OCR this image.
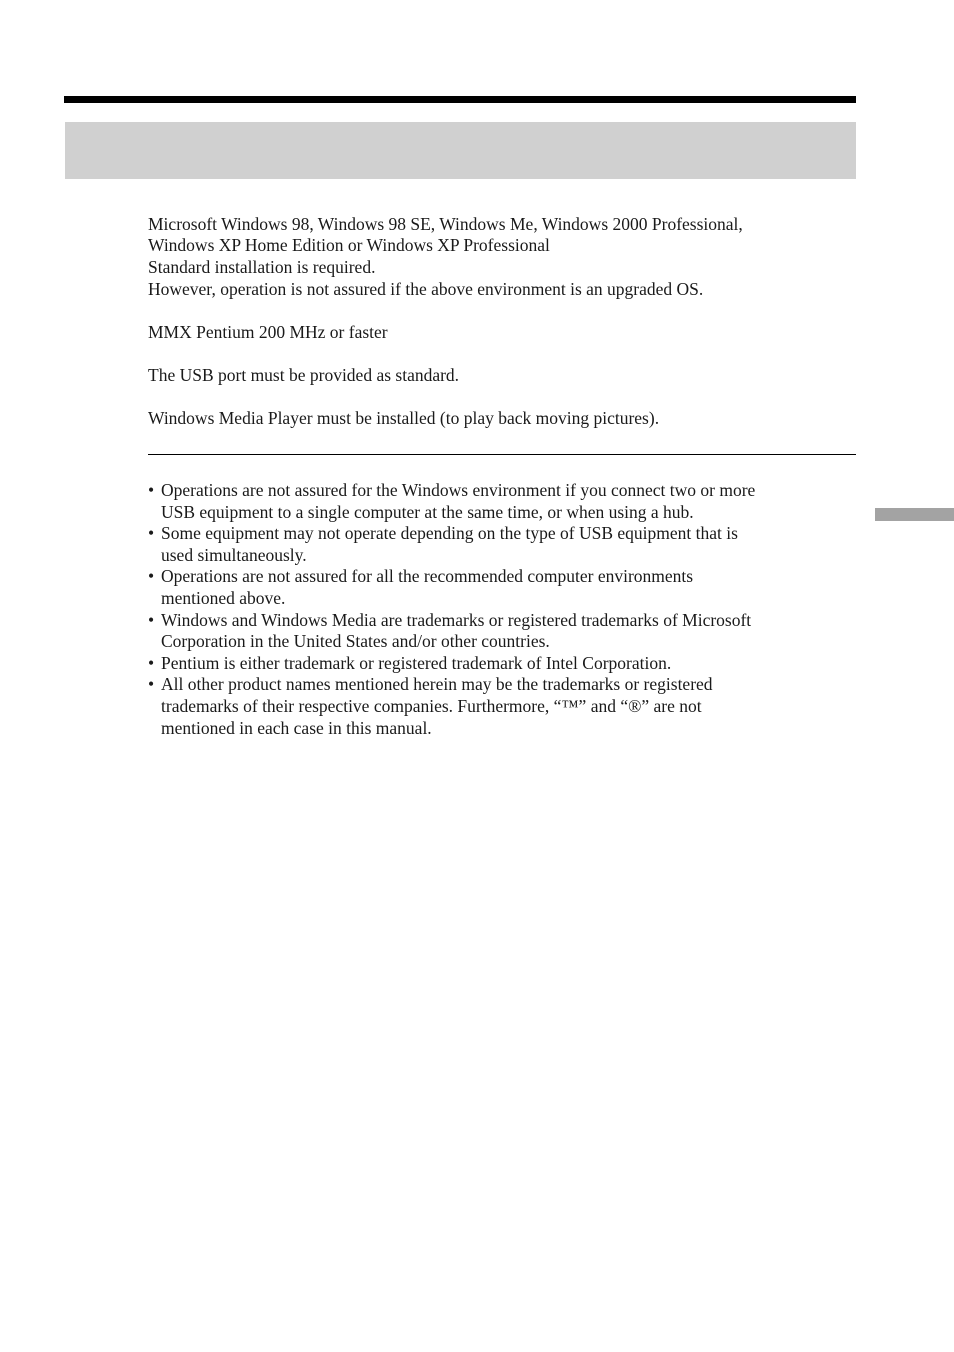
Microsoft Windows 98, Windows 98 SE, Windows Me, Windows 2000 Professional,
Windows XP Home Edition or Windows XP Professional
Standard installation is required.
However, operation is not assured if the above environment is an upgraded OS.
MMX Pentium 200 MHz or faster
The USB port must be provided as standard.
Windows Media Player must be installed (to play back moving pictures).
• Operations are not assured for the Windows environment if you connect two or more
USB equipment to a single computer at the same time, or when using a hub.
• Some equipment may not operate depending on the type of USB equipment that is
used simultaneously.
• Operations are not assured for all the recommended computer environments
mentioned above.
• Windows and Windows Media are trademarks or registered trademarks of Microsoft
Corporation in the United States and/or other countries.
• Pentium is either trademark or registered trademark of Intel Corporation.
• All other product names mentioned herein may be the trademarks or registered
trademarks of their respective companies. Furthermore, “™” and “®” are not
mentioned in each case in this manual.
